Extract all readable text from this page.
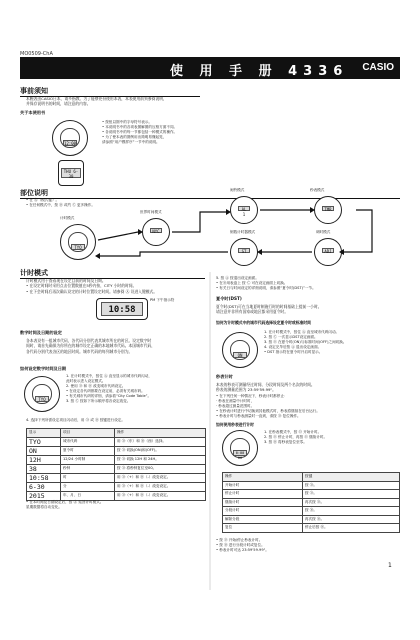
MO0509-ChA
使 用 手 册 4336 CASIO
事前须知
本腕表由CASIO日本，请多指教。为了能够充份使用本表，本表使用前须参阅说明，
并保存说明书的时间，请注意的内容。
关于本使用书
12:00
THU 6-30
• 按钮以图中的字母符号表示。
• 本说明书中的各项表图解图的压格方面不同。
• 各说明书中的每一节都包括一种模式的操作。
• 为了使本表的图例用出简明易懂起见，
请参照“用户模样序”一节中的说明。
部位说明
• 在 Ⓐ（模式键）。
• 在任何模式中，按 Ⓑ 或约 Ⓒ 更多操作。
计时模式
TYO
世界时间模式
NYC
闹铃模式
AL 1
秒表模式
TMR
倒数计时器模式
ST
调时模式
ADJ
计时模式
计时模式用于查看现在设定目前的时间及日期。
• 在设定时间时采用点击位置数值在5秒内按，CITY 小时的时间。
• 在下会时间后再次确认设定的计时位置设定时间。请参阅 Ⓐ 设进入键模式。
10:58
PM 下午指示符
数字时间及日期的设定
各本表设有一组城市代码，各代码分别代表其城市所在的时区。设定数字时
间时，请首先确保为你所在的城市设定正确的本地城市代码。本国城市代码，
各代码分别代表各区的地区时间。城市代码的每列城市分别为。
如何设定数字时间及日期
TYO
1. 在计时模式中，按住 Ⓐ 直至显示的城市代码闪动，
此时表示进入设定模式。
2. 使用 Ⓓ 和 Ⓑ 改变城市代码设定。
• 在设定各代码都要在设定前，必须有关城市码。
• 有关城市代码的详细，请参看“City Code Table”。
3. 按 Ⓒ 按如下所示顺序将各设定改变。
4. 选择下列所需设定项目闪动后，用 Ⓓ 或 Ⓑ 按键进行设定。
显示	项目	操作
TYO	城市代码	用 Ⓓ（东）和 Ⓑ（西）选择。
ON	夏令时	按 Ⓓ 切换(ON)和(OFF)。
12H	12/24 小时制	按 Ⓓ 切换 12H 和 24H。
38	秒钟	按 Ⓓ 将秒钟复位至00。
10:58	时	用 Ⓓ（+）和 Ⓑ（-）改变设定。
6-30	分	用 Ⓓ（+）和 Ⓑ（-）改变设定。
2015	年、月、日	用 Ⓓ（+）和 Ⓑ（-）改变设定。
• 在本时间及日期设定后，按 Ⓐ 返回计时模式。
星期数据将自动变化。
5. 按 Ⓐ 按退出设定画面。
• 在Ⓑ用表盘上 按 Ⓒ 可在设定画面上切换。
• 有关日与时间设定的详细说明，请参照“夏令时(DST)”一节。
夏令时(DST)
夏令时(DST)可在当地夏时制施行时的时间基础上提前一小时。
请注意并非所有国家或地区都采用夏令时。
如何为计时模式中的城市代码选择设定夏令时或标准时间
ON
1. 在计时模式中，按住 Ⓐ 直至城市代码闪动。
2. 按 Ⓒ 一次显示DST设定画面。
3. 按 Ⓓ 在夏令时(ON)与标准时间(OFF)之间切换。
4. 设定完毕后按 Ⓐ 退出设定画面。
• DST 指示符在夏令时开启时显示。
秒表计时
本表的秒表可测量经过时间、分段时间及两个名次的时间。
秒表的测量范围为 23:59'59.99"。
• 在下列任何一种情况下，秒表计时都停止：
· 秒表在测量中计时时，
· 秒表超过测量范围时。
• 在秒表计时进行中切换到其他模式时，秒表将继续在后台运行。
• 秒表计时与秒表测量时一直到，请按 Ⓓ 复位操作。
如何使用秒表进行计时
0:00 00
1. 在秒表模式中，按 Ⓓ 开始计时。
2. 按 Ⓓ 停止计时，再按 Ⓓ 继续计时。
3. 按 Ⓑ 将秒表复位至零。
操作	按键
开始计时	按 Ⓓ。
停止计时	按 Ⓓ。
继续计时	再次按 Ⓓ。
分段计时	按 Ⓑ。
解除分段	再次按 Ⓑ。
复位	停止后按 Ⓑ。
• 按 Ⓓ 开始/停止秒表计时。
• 按 Ⓑ 进行分段计时或复位。
• 秒表计时可达 23:59'59.99"。
1
